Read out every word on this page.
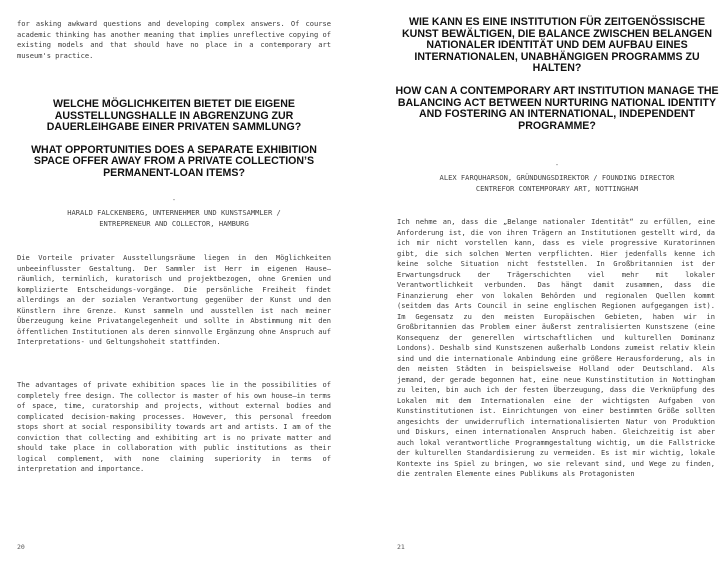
for asking awkward questions and developing complex answers. Of course academic thinking has another meaning that implies unreflective copying of existing models and that should have no place in a contemporary art museum's practice.

WELCHE MÖGLICHKEITEN BIETET DIE EIGENE AUSSTELLUNGSHALLE IN ABGRENZUNG ZUR DAUERLEIHGABE EINER PRIVATEN SAMMLUNG?

WHAT OPPORTUNITIES DOES A SEPARATE EXHIBITION SPACE OFFER AWAY FROM A PRIVATE COLLECTION’S PERMANENT-LOAN ITEMS?

-
HARALD FALCKENBERG, UNTERNEHMER UND KUNSTSAMMLER /
ENTREPRENEUR AND COLLECTOR, HAMBURG
Die Vorteile privater Ausstellungsräume liegen in den Möglichkeiten unbeeinflusster Gestaltung. Der Sammler ist Herr im eigenen Hause–räumlich, terminlich, kuratorisch und projektbezogen, ohne Gremien und komplizierte Entscheidungs-vorgänge. Die persönliche Freiheit findet allerdings an der sozialen Verantwortung gegenüber der Kunst und den Künstlern ihre Grenze. Kunst sammeln und ausstellen ist nach meiner Überzeugung keine Privatangelegenheit und sollte in Abstimmung mit den öffentlichen Institutionen als deren sinnvolle Ergänzung ohne Anspruch auf Interpretations- und Geltungshoheit stattfinden.
The advantages of private exhibition spaces lie in the possibilities of completely free design. The collector is master of his own house–in terms of space, time, curatorship and projects, without external bodies and complicated decision-making processes. However, this personal freedom stops short at social responsibility towards art and artists. I am of the conviction that collecting and exhibiting art is no private matter and should take place in collaboration with public institutions as their logical complement, with none claiming superiority in terms of interpretation and importance.
20

WIE KANN ES EINE INSTITUTION FÜR ZEITGENÖSSISCHE KUNST BEWÄLTIGEN, DIE BALANCE ZWISCHEN BELANGEN NATIONALER IDENTITÄT UND DEM AUFBAU EINES INTERNATIONALEN, UNABHÄNGIGEN PROGRAMMS ZU HALTEN?

HOW CAN A CONTEMPORARY ART INSTITUTION MANAGE THE BALANCING ACT BETWEEN NURTURING NATIONAL IDENTITY AND FOSTERING AN INTERNATIONAL, INDEPENDENT PROGRAMME?

-
ALEX FARQUHARSON, GRÜNDUNGSDIREKTOR / FOUNDING DIRECTOR
CENTREFOR CONTEMPORARY ART, NOTTINGHAM
Ich nehme an, dass die „Belange nationaler Identität“ zu erfüllen, eine Anforderung ist, die von ihren Trägern an Institutionen gestellt wird, da ich mir nicht vorstellen kann, dass es viele progressive Kuratorinnen gibt, die sich solchen Werten verpflichten. Hier jedenfalls kenne ich keine solche Situation nicht feststellen. In Großbritannien ist der Erwartungsdruck der Trägerschichten viel mehr mit lokaler Verantwortlichkeit verbunden. Das hängt damit zusammen, dass die Finanzierung eher von lokalen Behörden und regionalen Quellen kommt (seitdem das Arts Council in seine englischen Regionen aufgegangen ist). Im Gegensatz zu den meisten Europäischen Gebieten, haben wir in Großbritannien das Problem einer äußerst zentralisierten Kunstszene (eine Konsequenz der generellen wirtschaftlichen und kulturellen Dominanz Londons). Deshalb sind Kunstszenen außerhalb Londons zumeist relativ klein sind und die internationale Anbindung eine größere Herausforderung, als in den meisten Städten in beispielsweise Holland oder Deutschland. Als jemand, der gerade begonnen hat, eine neue Kunstinstitution in Nottingham zu leiten, bin auch ich der festen Überzeugung, dass die Verknüpfung des Lokalen mit dem Internationalen eine der wichtigsten Aufgaben von Kunstinstitutionen ist. Einrichtungen von einer bestimmten Größe sollten angesichts der unwiderruflich internationalisierten Natur von Produktion und Diskurs, einen internationalen Anspruch haben. Gleichzeitig ist aber auch lokal verantwortliche Programmgestaltung wichtig, um die Fallstricke der kulturellen Standardisierung zu vermeiden. Es ist mir wichtig, lokale Kontexte ins Spiel zu bringen, wo sie relevant sind, und Wege zu finden, die zentralen Elemente eines Publikums als Protagonisten
21
